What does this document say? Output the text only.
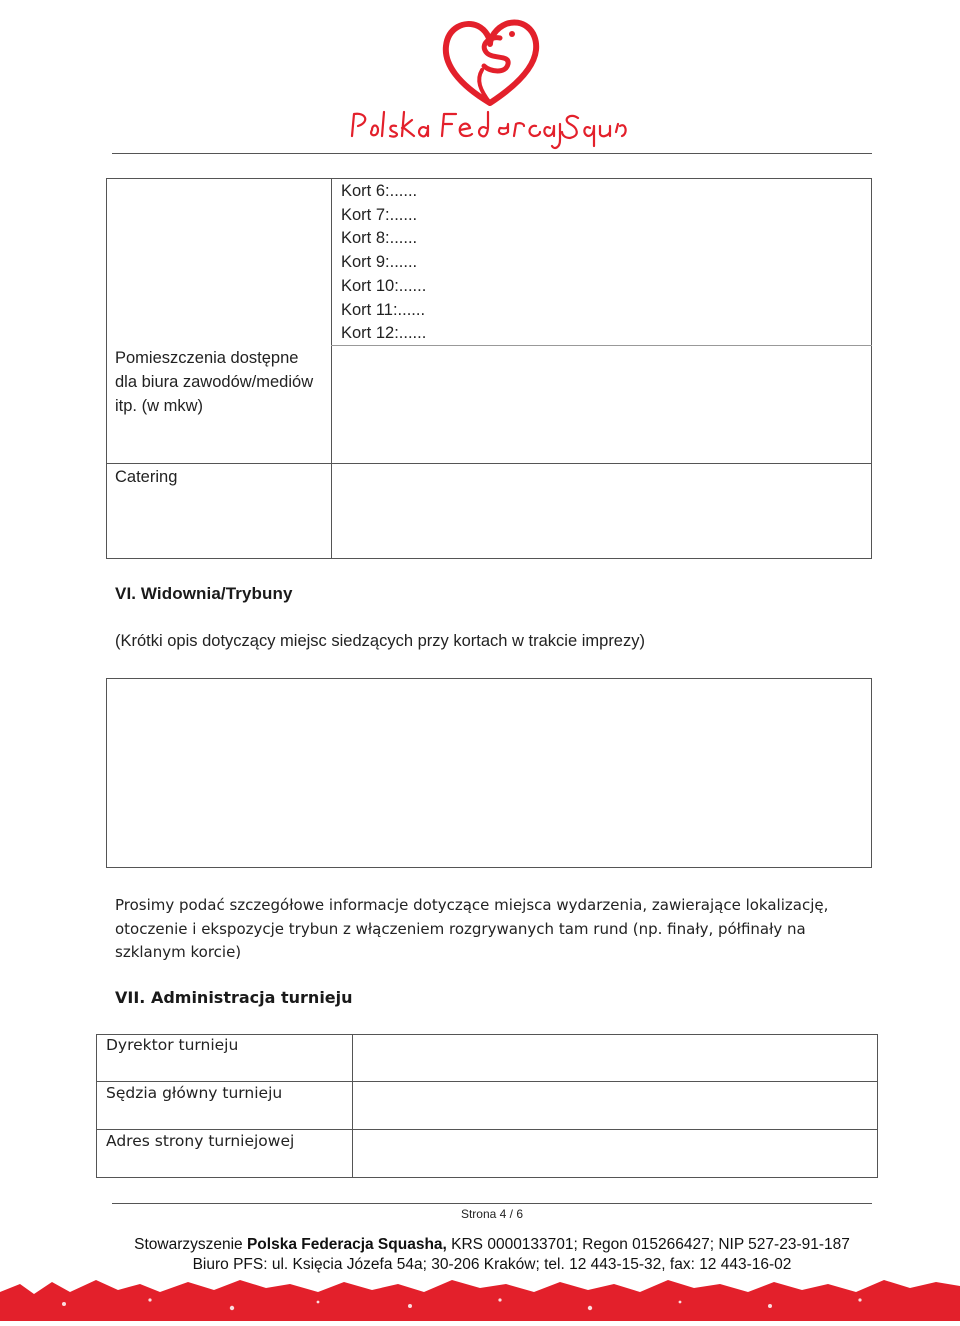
Kort 6:......
Kort 7:......
Kort 8:......
Kort 9:......
Kort 10:......
Kort 11:......
Kort 12:......
Pomieszczenia dostępne dla biura zawodów/mediów itp. (w mkw)
Catering
VI. Widownia/Trybuny
(Krótki opis dotyczący miejsc siedzących przy kortach w trakcie imprezy)
Prosimy podać szczegółowe informacje dotyczące miejsca wydarzenia, zawierające lokalizację, otoczenie i ekspozycje trybun z włączeniem rozgrywanych tam rund (np. finały, półfinały na szklanym korcie)
VII. Administracja turnieju
Dyrektor turnieju
Sędzia główny turnieju
Adres strony turniejowej
Strona 4 / 6
Stowarzyszenie Polska Federacja Squasha, KRS 0000133701; Regon 015266427; NIP 527-23-91-187
Biuro PFS: ul. Księcia Józefa 54a; 30-206 Kraków; tel. 12 443-15-32, fax: 12 443-16-02
